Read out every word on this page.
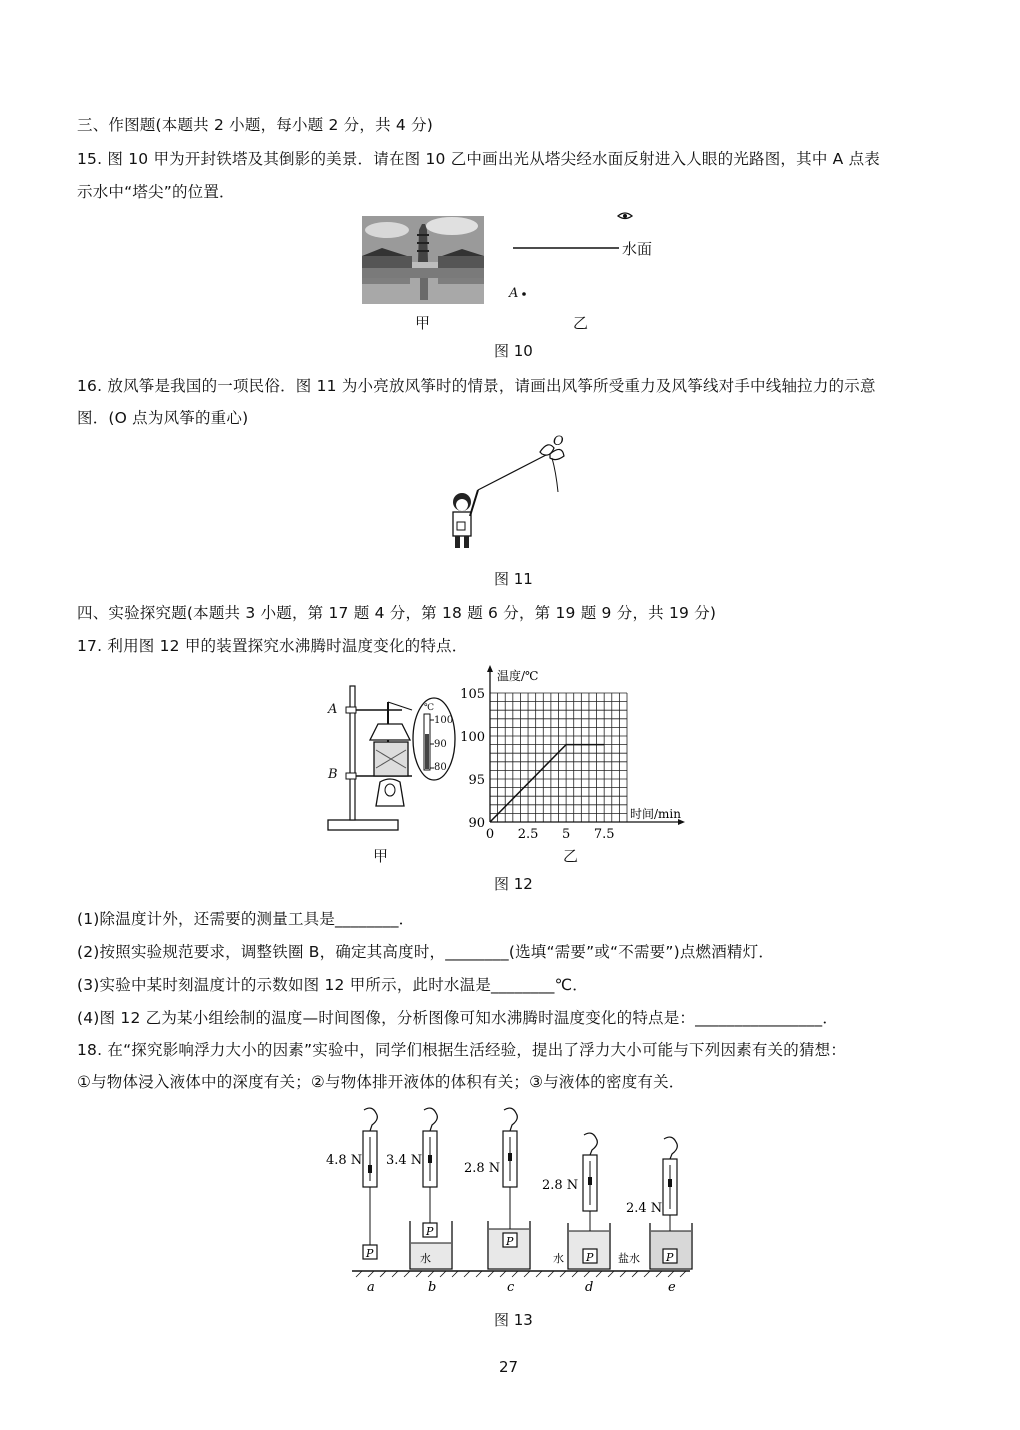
三、作图题(本题共 2 小题，每小题 2 分，共 4 分)
15. 图 10 甲为开封铁塔及其倒影的美景．请在图 10 乙中画出光从塔尖经水面反射进入人眼的光路图，其中 A 点表
示水中“塔尖”的位置．
甲
水面
A
乙
图 10
16. 放风筝是我国的一项民俗．图 11 为小亮放风筝时的情景，请画出风筝所受重力及风筝线对手中线轴拉力的示意
图．(O 点为风筝的重心)
O
图 11
四、实验探究题(本题共 3 小题，第 17 题 4 分，第 18 题 6 分，第 19 题 9 分，共 19 分)
17. 利用图 12 甲的装置探究水沸腾时温度变化的特点．
A
B
℃
100
90
80
甲
0 2.5 5 7.5
90
95
100
105
温度/℃
时间/min
乙
图 12
(1)除温度计外，还需要的测量工具是________．
(2)按照实验规范要求，调整铁圈 B，确定其高度时，________(选填“需要”或“不需要”)点燃酒精灯．
(3)实验中某时刻温度计的示数如图 12 甲所示，此时水温是________℃．
(4)图 12 乙为某小组绘制的温度—时间图像，分析图像可知水沸腾时温度变化的特点是：________________．
18. 在“探究影响浮力大小的因素”实验中，同学们根据生活经验，提出了浮力大小可能与下列因素有关的猜想：
①与物体浸入液体中的深度有关；②与物体排开液体的体积有关；③与液体的密度有关．
4.8 N
P
a
3.4 N
P
水
b
2.8 N
P
c
2.8 N
P
水
d
2.4 N
P
盐水
e
图 13
27
